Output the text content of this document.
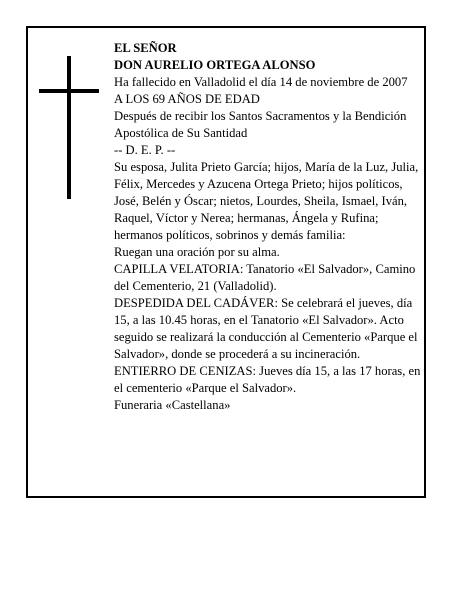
EL SEÑOR

DON AURELIO ORTEGA ALONSO

Ha fallecido en Valladolid el día 14 de noviembre de 2007

A LOS 69 AÑOS DE EDAD

Después de recibir los Santos Sacramentos y la Bendición Apostólica de Su Santidad

-- D. E. P. --

Su esposa, Julita Prieto García; hijos, María de la Luz, Julia, Félix, Mercedes y Azucena Ortega Prieto; hijos políticos, José, Belén y Óscar; nietos, Lourdes, Sheila, Ismael, Iván, Raquel, Víctor y Nerea; hermanas, Ángela y Rufina; hermanos políticos, sobrinos y demás familia:

Ruegan una oración por su alma.

CAPILLA VELATORIA: Tanatorio «El Salvador», Camino del Cementerio, 21 (Valladolid).

DESPEDIDA DEL CADÁVER: Se celebrará el jueves, día 15, a las 10.45 horas, en el Tanatorio «El Salvador». Acto seguido se realizará la conducción al Cementerio «Parque el Salvador», donde se procederá a su incineración.

ENTIERRO DE CENIZAS: Jueves día 15, a las 17 horas, en el cementerio «Parque el Salvador».

Funeraria «Castellana»
